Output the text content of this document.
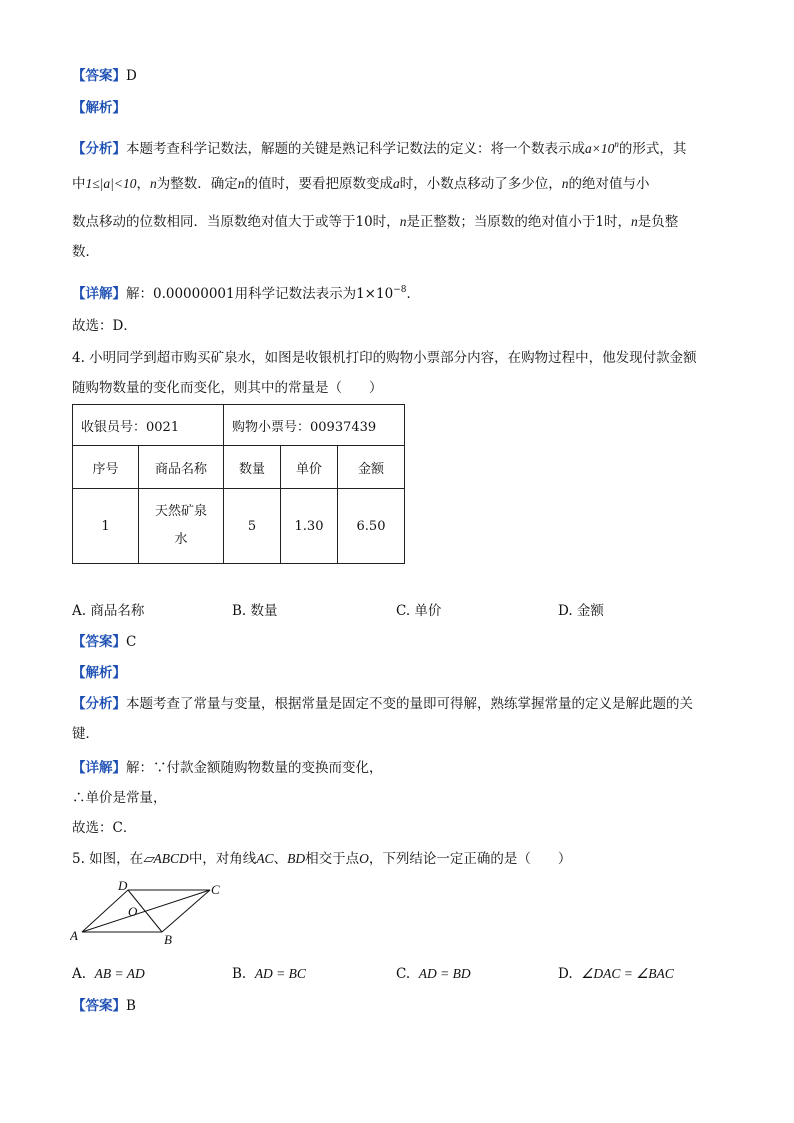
【答案】D
【解析】
【分析】本题考查科学记数法，解题的关键是熟记科学记数法的定义：将一个数表示成$a\times 10^n$的形式，其
中1≤|a|<10，n为整数．确定n的值时，要看把原数变成a时，小数点移动了多少位，n的绝对值与小
数点移动的位数相同．当原数绝对值大于或等于10时，n是正整数；当原数的绝对值小于1时，n是负整
数．
【详解】解：0.00000001用科学记数法表示为$1\times 10^{-8}$．
故选：D．
4. 小明同学到超市购买矿泉水，如图是收银机打印的购物小票部分内容，在购物过程中，他发现付款金额
随购物数量的变化而变化，则其中的常量是（　　）
收银员号：0021		购物小票号：00937439		
序号	商品名称	数量	单价	金额
1	天然矿泉水	5	1.30	6.50
A. 商品名称	B. 数量	C. 单价	D. 金额
【答案】C
【解析】
【分析】本题考查了常量与变量，根据常量是固定不变的量即可得解，熟练掌握常量的定义是解此题的关
键．
【详解】解：∵付款金额随购物数量的变换而变化，
∴单价是常量，
故选：C．
5. 如图，在▱ABCD中，对角线AC、BD相交于点O，下列结论一定正确的是（　　）
A	B
C
D
O
A. AB = AD	B. AD = BC	C. AD = BD	D. ∠DAC = ∠BAC
【答案】B
